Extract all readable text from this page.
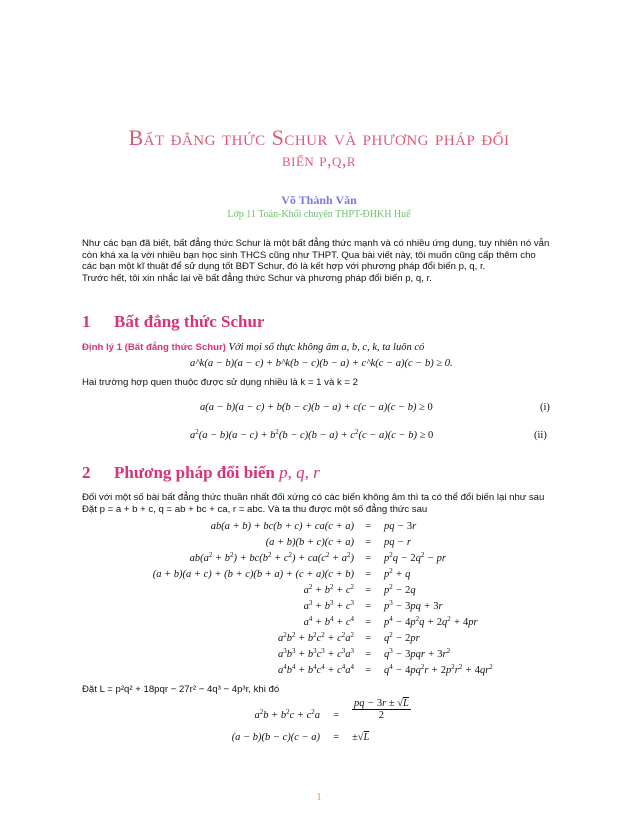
Bất đẳng thức Schur và phương pháp đổi
biến p,q,r
Võ Thành Văn
Lớp 11 Toán-Khối chuyên THPT-ĐHKH Huế

Như các bạn đã biết, bất đẳng thức Schur là một bất đẳng thức mạnh và có nhiều ứng dụng, tuy nhiên nó vẫn

còn khá xa lạ với nhiều bạn học sinh THCS cũng như THPT. Qua bài viết này, tôi muốn cũng cấp thêm cho

các bạn một kĩ thuật để sử dụng tốt BĐT Schur, đó là kết hợp với phương pháp đổi biến p, q, r.

Trước hết, tôi xin nhắc lại về bất đẳng thức Schur và phương pháp đổi biến p, q, r.

1 Bất đẳng thức Schur
Định lý 1 (Bất đẳng thức Schur) Với mọi số thực không âm a, b, c, k, ta luôn có
a^k(a − b)(a − c) + b^k(b − c)(b − a) + c^k(c − a)(c − b) ≥ 0.
Hai trường hợp quen thuộc được sử dụng nhiều là k = 1 và k = 2
a(a − b)(a − c) + b(b − c)(b − a) + c(c − a)(c − b) ≥ 0	(i)
$a^2(a - b)(a - c) + b^2(b - c)(b - a) + c^2(c - a)(c - b) \ge 0$	(ii)
2 Phương pháp đổi biến p, q, r

Đối với một số bài bất đẳng thức thuần nhất đối xứng có các biến không âm thì ta có thể đổi biến lại như sau

Đặt p = a + b + c, q = ab + bc + ca, r = abc. Và ta thu được một số đẳng thức sau

ab(a + b) + bc(b + c) + ca(c + a) =	pq − 3r
(a + b)(b + c)(c + a) =	pq − r
$ab(a^2 + b^2) + bc(b^2 + c^2) + ca(c^2 + a^2)$ =	$p^2q - 2q^2$ − pr
(a + b)(a + c) + (b + c)(b + a) + (c + a)(c + b) =	$p^2 + q$
$a^2 + b^2 + c^2$ =	$p^2 - 2q$
$a^3 + b^3 + c^3$ =	$p^3 - 3pq + 3r$
$a^4 + b^4 + c^4$ =	$p^4 - 4p^2q + 2q^2 + 4pr$
$a^2b^2 + b^2c^2 + c^2a^2$ =	$q^2 - 2pr$
$a^3b^3 + b^3c^3 + c^3a^3$ =	$q^3 - 3pqr + 3r^2$
$a^4b^4 + b^4c^4 + c^4a^4$ =	$q^4 - 4pq^2r + 2p^2r^2 + 4qr^2$
Đặt L = p²q² + 18pqr − 27r² − 4q³ − 4p³r, khi đó
$a^2b + b^2c + c^2a$	=	$\frac{pq - 3r \pm √L}{2}$
(a − b)(b − c)(c − a)	=	±√L
1
